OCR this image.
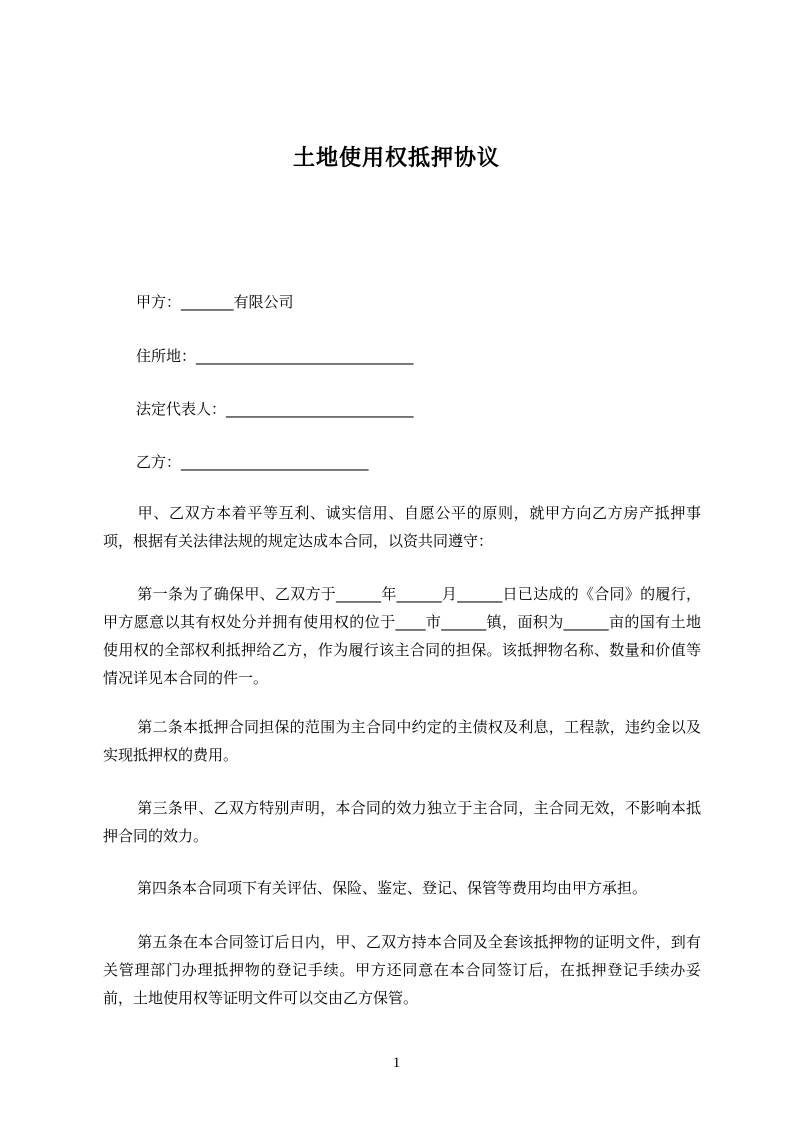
土地使用权抵押协议
甲方：_______有限公司
住所地：_____________________________
法定代表人：_________________________
乙方：_________________________

甲、乙双方本着平等互利、诚实信用、自愿公平的原则，就甲方向乙方房产抵押事项，根据有关法律法规的规定达成本合同，以资共同遵守：

第一条为了确保甲、乙双方于______年______月______日已达成的《合同》的履行，甲方愿意以其有权处分并拥有使用权的位于____市______镇，面积为______亩的国有土地使用权的全部权利抵押给乙方，作为履行该主合同的担保。该抵押物名称、数量和价值等情况详见本合同的件一。

第二条本抵押合同担保的范围为主合同中约定的主债权及利息，工程款，违约金以及实现抵押权的费用。

第三条甲、乙双方特别声明，本合同的效力独立于主合同，主合同无效，不影响本抵押合同的效力。

第四条本合同项下有关评估、保险、鉴定、登记、保管等费用均由甲方承担。

第五条在本合同签订后日内，甲、乙双方持本合同及全套该抵押物的证明文件，到有关管理部门办理抵押物的登记手续。甲方还同意在本合同签订后，在抵押登记手续办妥前，土地使用权等证明文件可以交由乙方保管。

1
